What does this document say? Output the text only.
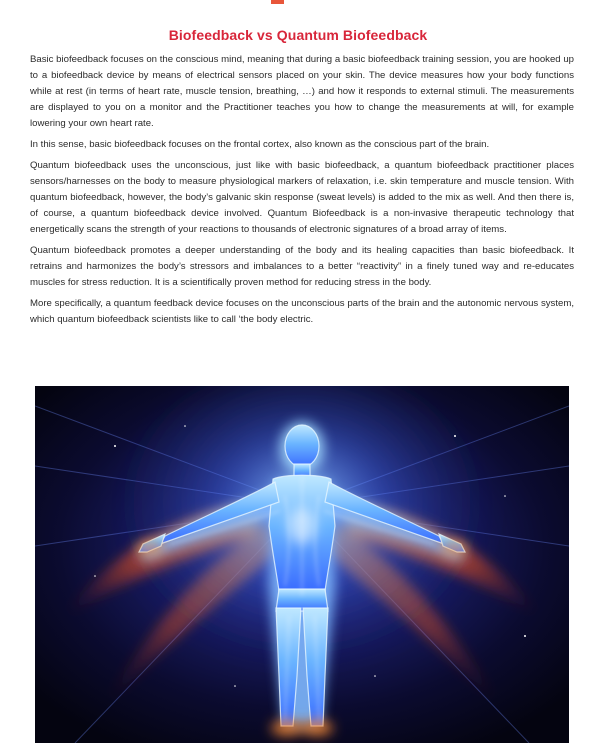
Biofeedback vs Quantum Biofeedback

Basic biofeedback focuses on the conscious mind, meaning that during a basic biofeedback training session, you are hooked up to a biofeedback device by means of electrical sensors placed on your skin. The device measures how your body functions while at rest (in terms of heart rate, muscle tension, breathing, …) and how it responds to external stimuli. The measurements are displayed to you on a monitor and the Practitioner teaches you how to change the measurements at will, for example lowering your own heart rate.

In this sense, basic biofeedback focuses on the frontal cortex, also known as the conscious part of the brain.

Quantum biofeedback uses the unconscious, just like with basic biofeedback, a quantum biofeedback practitioner places sensors/harnesses on the body to measure physiological markers of relaxation, i.e. skin temperature and muscle tension. With quantum biofeedback, however, the body’s galvanic skin response (sweat levels) is added to the mix as well. And then there is, of course, a quantum biofeedback device involved. Quantum Biofeedback is a non-invasive therapeutic technology that energetically scans the strength of your reactions to thousands of electronic signatures of a broad array of items.

Quantum biofeedback promotes a deeper understanding of the body and its healing capacities than basic biofeedback. It retrains and harmonizes the body’s stressors and imbalances to a better “reactivity” in a finely tuned way and re-educates muscles for stress reduction. It is a scientifically proven method for reducing stress in the body.

More specifically, a quantum feedback device focuses on the unconscious parts of the brain and the autonomic nervous system, which quantum biofeedback scientists like to call ‘the body electric.
